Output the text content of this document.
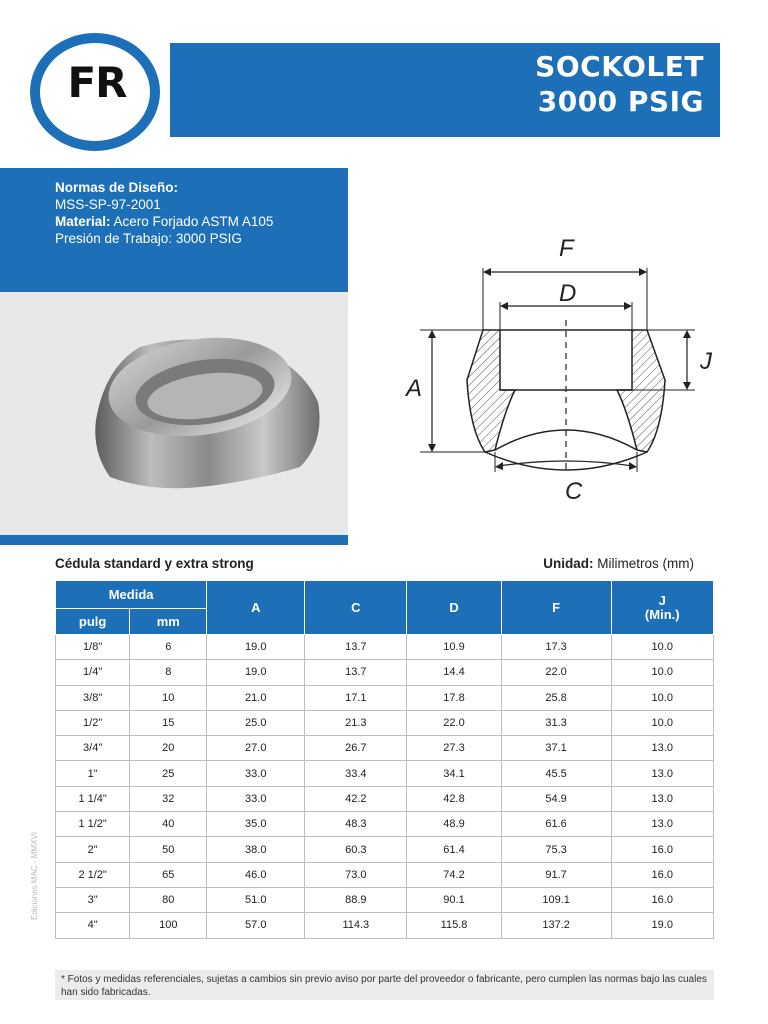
SOCKOLET
3000 PSIG
FR
Normas de Diseño:
MSS-SP-97-2001
Material: Acero Forjado ASTM A105
Presión de Trabajo: 3000 PSIG	F
D
A
J
C
Cédula standard y extra strong	Unidad: Milimetros (mm)
Medida		A	C	D	F	J
(Min.)
pulg	mm					
1/8"	6	19.0	13.7	10.9	17.3	10.0
1/4"	8	19.0	13.7	14.4	22.0	10.0
3/8"	10	21.0	17.1	17.8	25.8	10.0
1/2"	15	25.0	21.3	22.0	31.3	10.0
3/4"	20	27.0	26.7	27.3	37.1	13.0
1"	25	33.0	33.4	34.1	45.5	13.0
1 1/4"	32	33.0	42.2	42.8	54.9	13.0
1 1/2"	40	35.0	48.3	48.9	61.6	13.0
2"	50	38.0	60.3	61.4	75.3	16.0
2 1/2"	65	46.0	73.0	74.2	91.7	16.0
3"	80	51.0	88.9	90.1	109.1	16.0
4"	100	57.0	114.3	115.8	137.2	19.0
* Fotos y medidas referenciales, sujetas a cambios sin previo aviso por parte del proveedor o fabricante, pero cumplen las normas bajo las cuales han sido fabricadas.
Ediciones MAC - MMXVI
